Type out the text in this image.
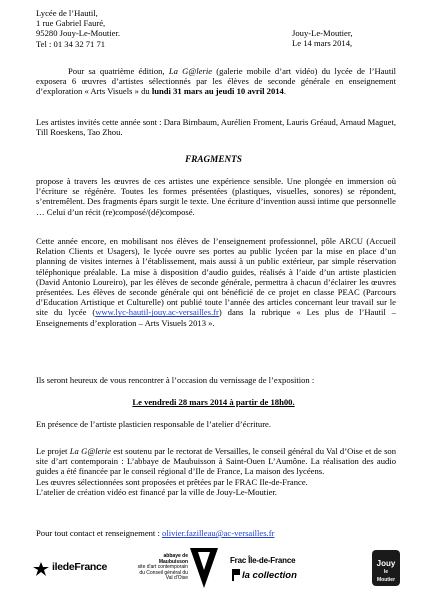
Lycée de l’Hautil,
1 rue Gabriel Fauré,
95280 Jouy-Le-Moutier.
Tel : 01 34 32 71 71
Jouy-Le-Moutier,
Le 14 mars 2014,
Pour sa quatrième édition, La G@lerie (galerie mobile d’art vidéo) du lycée de l’Hautil exposera 6 œuvres d’artistes sélectionnés par les élèves de seconde générale en enseignement d’exploration « Arts Visuels » du lundi 31 mars au jeudi 10 avril 2014.
Les artistes invités cette année sont : Dara Birnbaum, Aurélien Froment, Lauris Gréaud, Arnaud Maguet, Till Roeskens, Tao Zhou.
FRAGMENTS
propose à travers les œuvres de ces artistes une expérience sensible. Une plongée en immersion où l’écriture se régénère. Toutes les formes présentées (plastiques, visuelles, sonores) se répondent, s’entremêlent. Des fragments épars surgit le texte. Une écriture d’invention aussi intime que personnelle … Celui d’un récit (re)composé/(dé)composé.
Cette année encore, en mobilisant nos élèves de l’enseignement professionnel, pôle ARCU (Accueil Relation Clients et Usagers), le lycée ouvre ses portes au public lycéen par la mise en place d’un planning de visites internes à l’établissement, mais aussi à un public extérieur, par simple réservation téléphonique préalable. La mise à disposition d’audio guides, réalisés à l’aide d’un artiste plasticien (David Antonio Loureiro), par les élèves de seconde générale, permettra à chacun d’éclairer les œuvres présentées. Les élèves de seconde générale qui ont bénéficié de ce projet en classe PEAC (Parcours d’Education Artistique et Culturelle) ont publié toute l’année des articles concernant leur travail sur le site du lycée (www.lyc-hautil-jouy.ac-versailles.fr) dans la rubrique « Les plus de l’Hautil – Enseignements d’exploration – Arts Visuels 2013 ».
Ils seront heureux de vous rencontrer à l’occasion du vernissage de l’exposition :
Le vendredi 28 mars 2014 à partir de 18h00.
En présence de l’artiste plasticien responsable de l’atelier d’écriture.
Le projet La G@lerie est soutenu par le rectorat de Versailles, le conseil général du Val d’Oise et de son site d’art contemporain : L’abbaye de Maubuisson à Saint-Ouen L’Aumône. La réalisation des audio guides a été financée par le conseil régional d’Ile de France, La maison des lycéens.
Les œuvres sélectionnées sont proposées et prêtées par le FRAC Ile-de-France.
L’atelier de création vidéo est financé par la ville de Jouy-Le-Moutier.
Pour tout contact et renseignement : olivier.fazilleau@ac-versailles.fr
iledeFrance
abbaye de
Maubuisson
site d'art contemporain
du Conseil général du Val d'Oise
Frac Île-de-France
la collection
Jouy
le
Moutier
